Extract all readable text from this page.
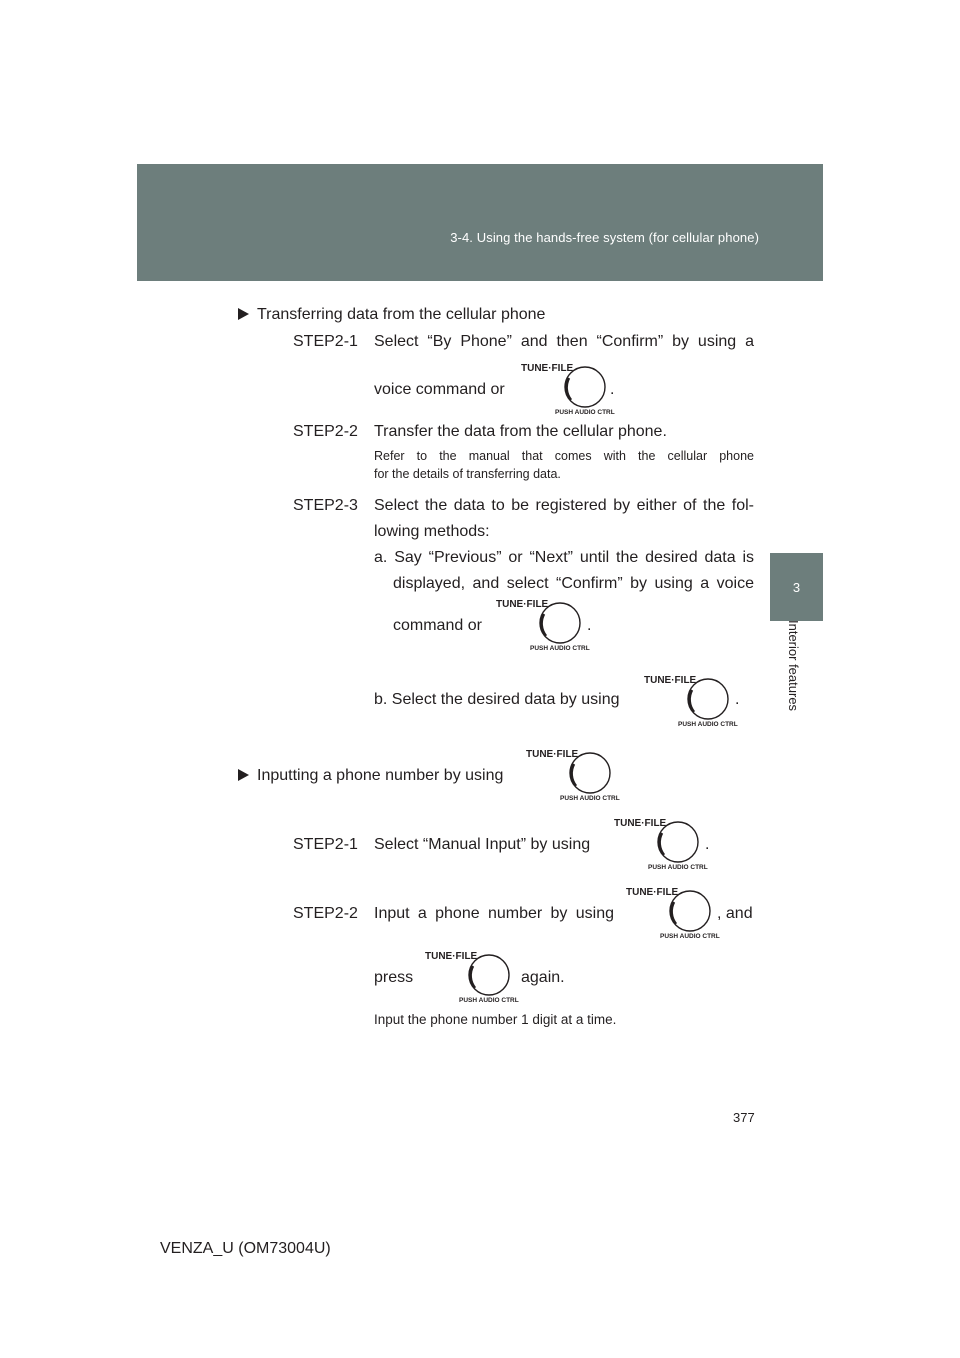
3-4. Using the hands-free system (for cellular phone)
3
Interior features
Transferring data from the cellular phone
STEP2-1 Select “By Phone” and then “Confirm” by using a
voice command or
TUNE·FILE
PUSH AUDIO CTRL
.
STEP2-2 Transfer the data from the cellular phone.
Refer to the manual that comes with the cellular phone
for the details of transferring data.
STEP2-3 Select the data to be registered by either of the fol-
lowing methods:
a. Say “Previous” or “Next” until the desired data is
displayed, and select “Confirm” by using a voice
command or
TUNE·FILE
PUSH AUDIO CTRL
.
b. Select the desired data by using
TUNE·FILE
PUSH AUDIO CTRL
.
Inputting a phone number by using
TUNE·FILE
PUSH AUDIO CTRL
STEP2-1 Select “Manual Input” by using
TUNE·FILE
PUSH AUDIO CTRL
.
STEP2-2 Input a phone number by using
TUNE·FILE
PUSH AUDIO CTRL
, and
press
TUNE·FILE
PUSH AUDIO CTRL
again.
Input the phone number 1 digit at a time.
377
VENZA_U (OM73004U)
